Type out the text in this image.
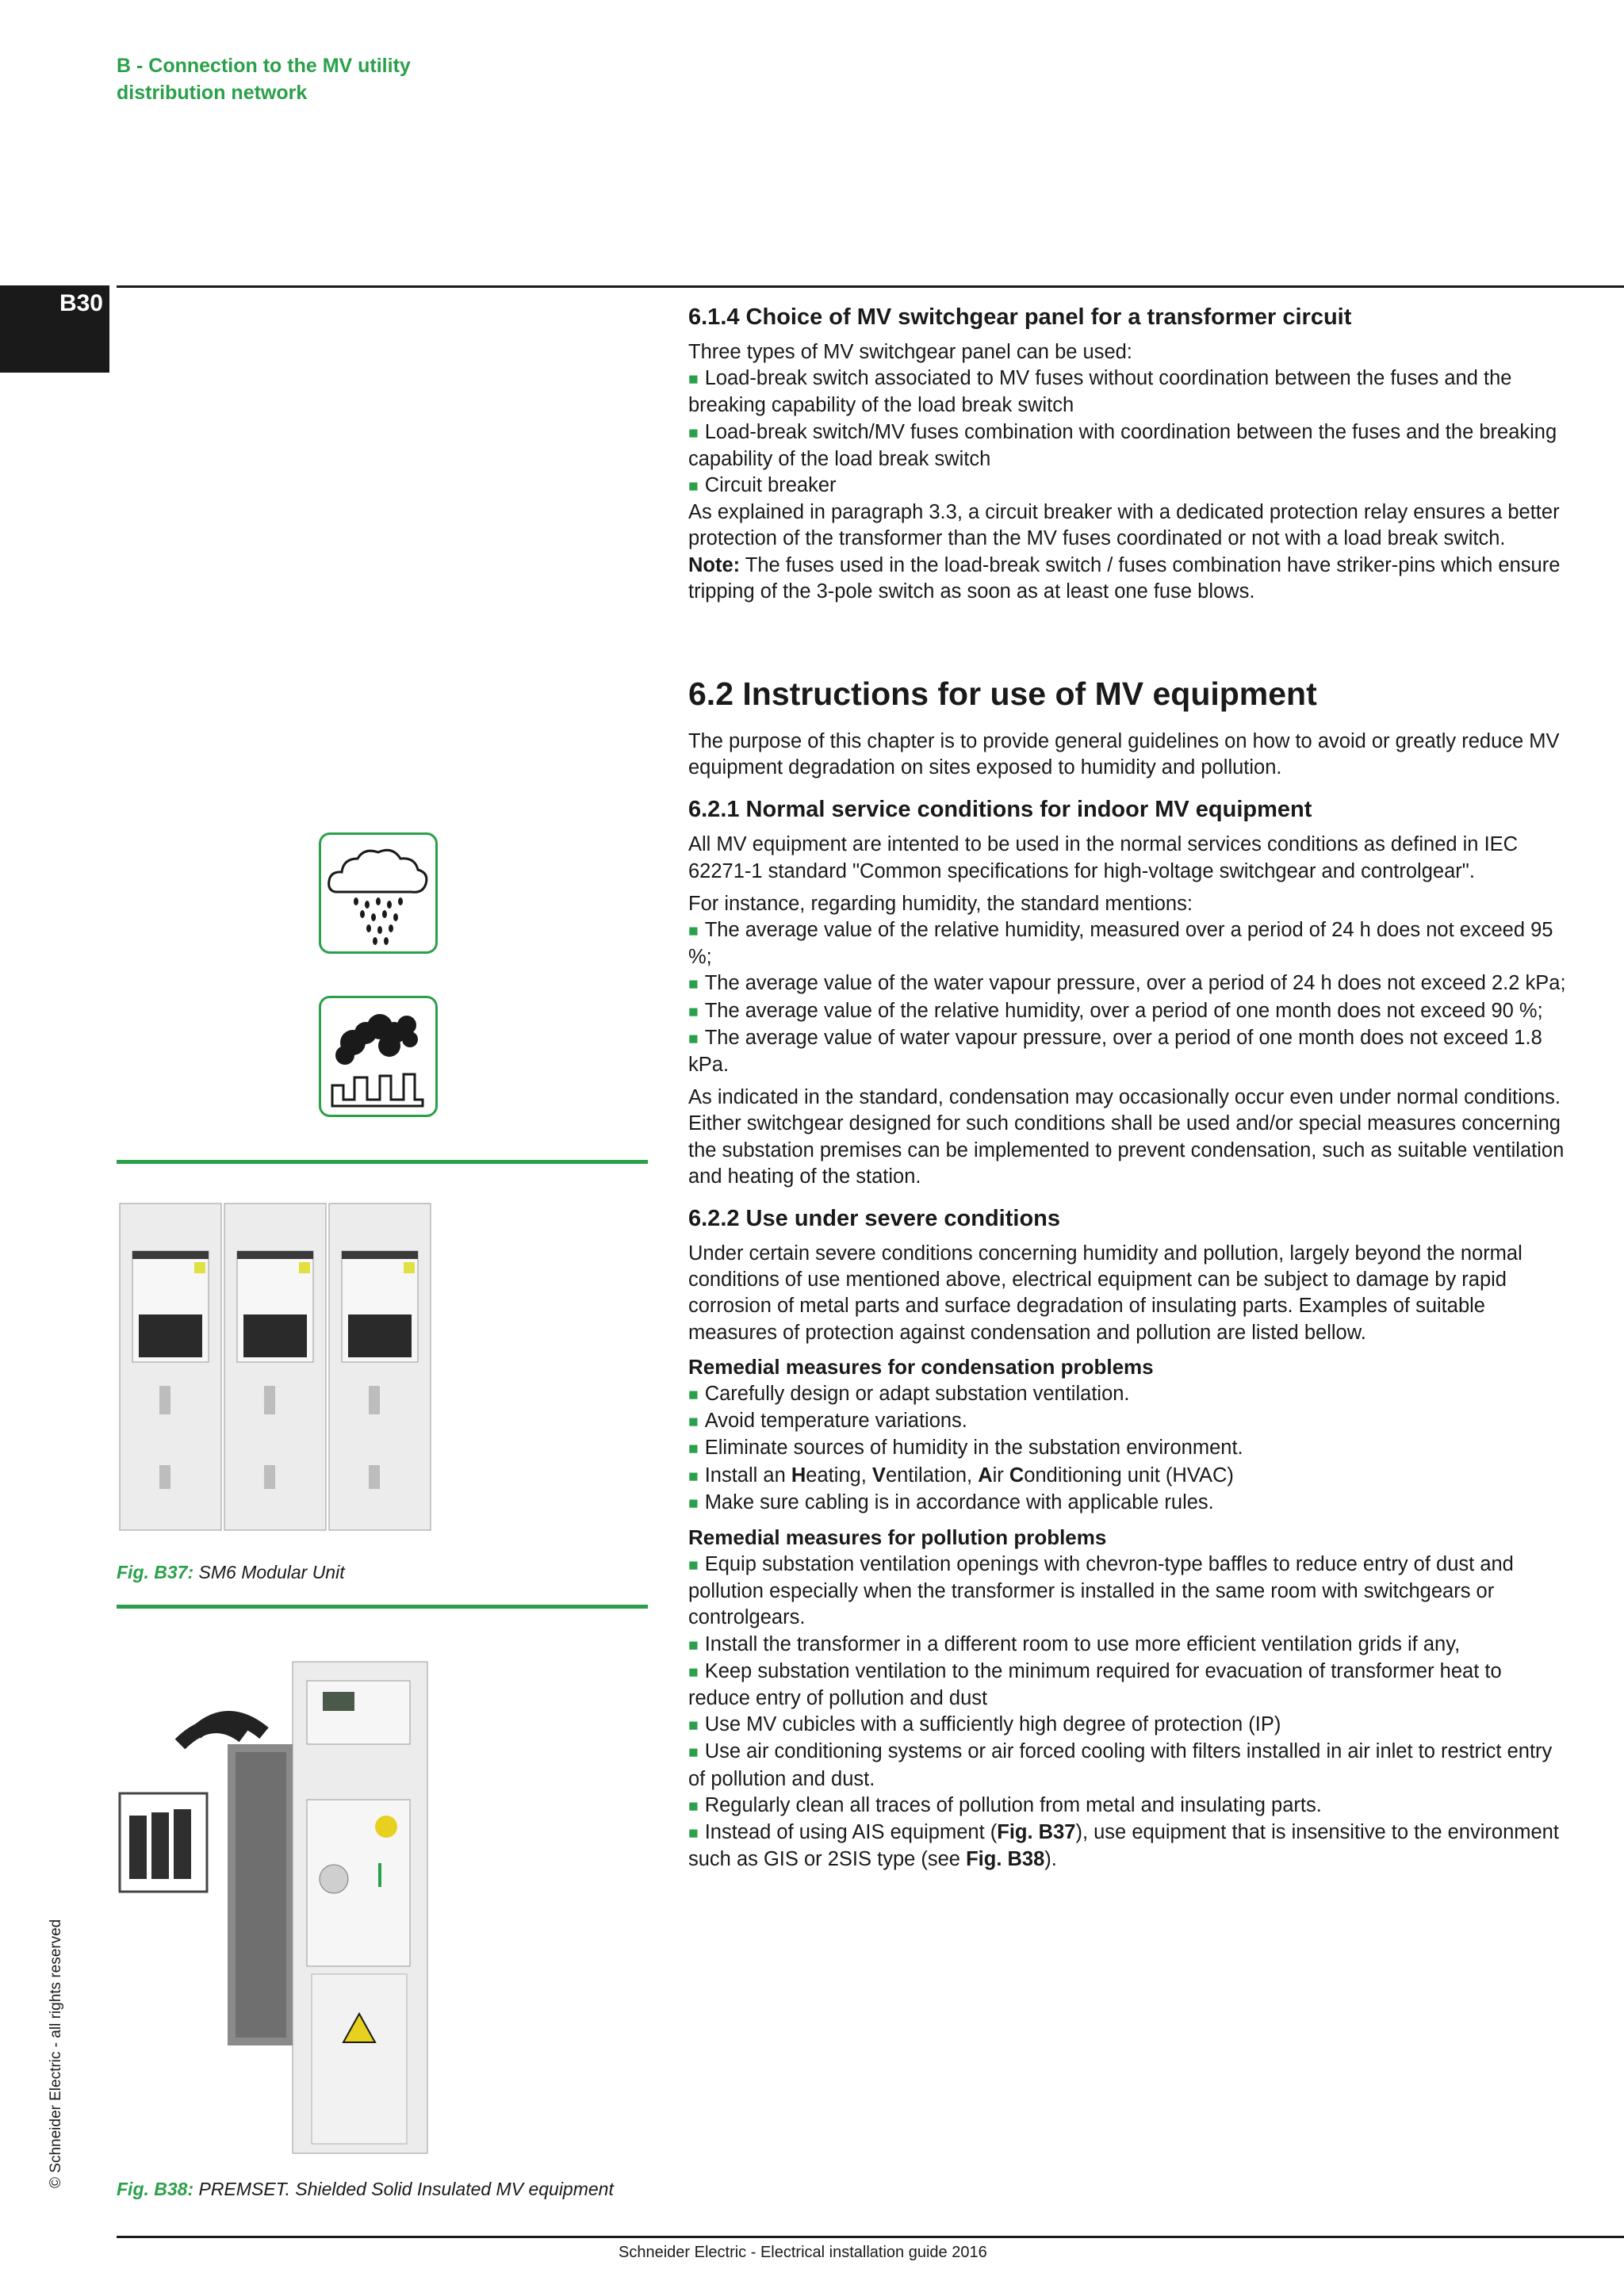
B - Connection to the MV utility
distribution network
B30
Fig. B37: SM6 Modular Unit
Fig. B38: PREMSET. Shielded Solid Insulated MV equipment
© Schneider Electric - all rights reserved
6.1.4 Choice of MV switchgear panel for a transformer circuit

Three types of MV switchgear panel can be used:

■ Load-break switch associated to MV fuses without coordination between the fuses and the breaking capability of the load break switch

■ Load-break switch/MV fuses combination with coordination between the fuses and the breaking capability of the load break switch

■ Circuit breaker

As explained in paragraph 3.3, a circuit breaker with a dedicated protection relay ensures a better protection of the transformer than the MV fuses coordinated or not with a load break switch.

Note: The fuses used in the load-break switch / fuses combination have striker-pins which ensure tripping of the 3-pole switch as soon as at least one fuse blows.

6.2 Instructions for use of MV equipment

The purpose of this chapter is to provide general guidelines on how to avoid or greatly reduce MV equipment degradation on sites exposed to humidity and pollution.

6.2.1 Normal service conditions for indoor MV equipment

All MV equipment are intented to be used in the normal services conditions as defined in IEC 62271-1 standard "Common specifications for high-voltage switchgear and controlgear".

For instance, regarding humidity, the standard mentions:

■ The average value of the relative humidity, measured over a period of 24 h does not exceed 95 %;

■ The average value of the water vapour pressure, over a period of 24 h does not exceed 2.2 kPa;

■ The average value of the relative humidity, over a period of one month does not exceed 90 %;

■ The average value of water vapour pressure, over a period of one month does not exceed 1.8 kPa.

As indicated in the standard, condensation may occasionally occur even under normal conditions. Either switchgear designed for such conditions shall be used and/or special measures concerning the substation premises can be implemented to prevent condensation, such as suitable ventilation and heating of the station.

6.2.2 Use under severe conditions

Under certain severe conditions concerning humidity and pollution, largely beyond the normal conditions of use mentioned above, electrical equipment can be subject to damage by rapid corrosion of metal parts and surface degradation of insulating parts. Examples of suitable measures of protection against condensation and pollution are listed bellow.

Remedial measures for condensation problems

■ Carefully design or adapt substation ventilation.

■ Avoid temperature variations.

■ Eliminate sources of humidity in the substation environment.

■ Install an Heating, Ventilation, Air Conditioning unit (HVAC)

■ Make sure cabling is in accordance with applicable rules.

Remedial measures for pollution problems

■ Equip substation ventilation openings with chevron-type baffles to reduce entry of dust and pollution especially when the transformer is installed in the same room with switchgears or controlgears.

■ Install the transformer in a different room to use more efficient ventilation grids if any,

■ Keep substation ventilation to the minimum required for evacuation of transformer heat to reduce entry of pollution and dust

■ Use MV cubicles with a sufficiently high degree of protection (IP)

■ Use air conditioning systems or air forced cooling with filters installed in air inlet to restrict entry of pollution and dust.

■ Regularly clean all traces of pollution from metal and insulating parts.

■ Instead of using AIS equipment (Fig. B37), use equipment that is insensitive to the environment such as GIS or 2SIS type (see Fig. B38).

Schneider Electric - Electrical installation guide 2016
